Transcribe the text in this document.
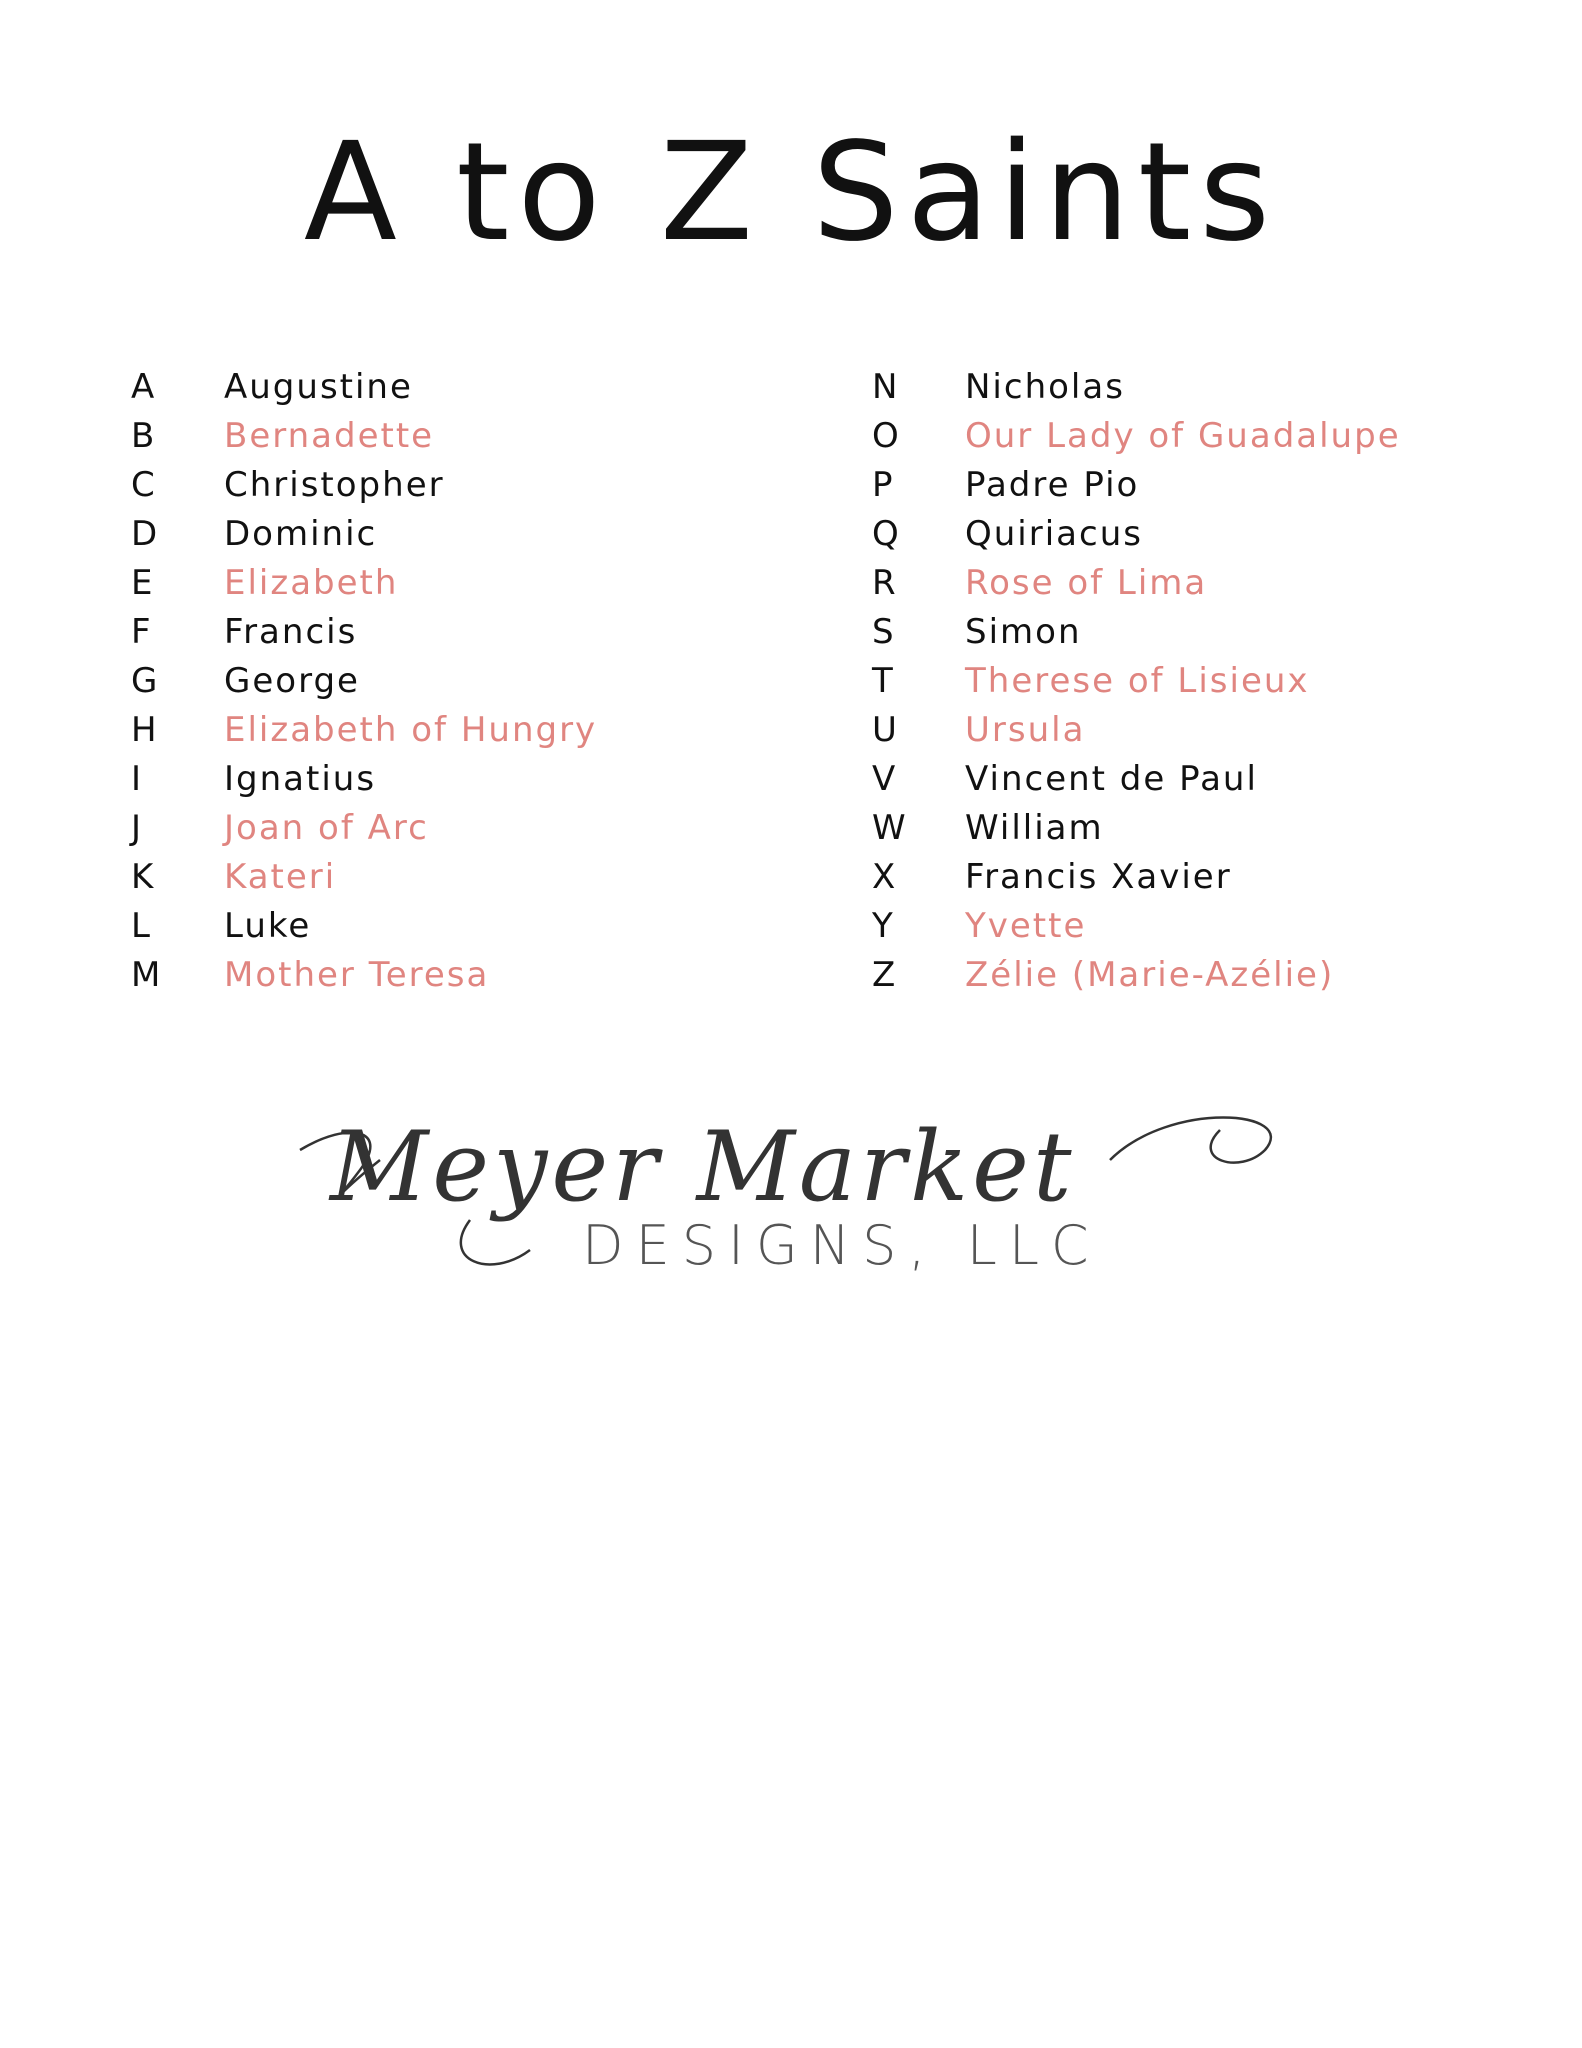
A to Z Saints
A	Augustine
B	Bernadette
C	Christopher
D	Dominic
E	Elizabeth
F	Francis
G	George
H	Elizabeth of Hungry
I	Ignatius
J	Joan of Arc
K	Kateri
L	Luke
M	Mother Teresa
N	Nicholas
O	Our Lady of Guadalupe
P	Padre Pio
Q	Quiriacus
R	Rose of Lima
S	Simon
T	Therese of Lisieux
U	Ursula
V	Vincent de Paul
W	William
X	Francis Xavier
Y	Yvette
Z	Zélie (Marie-Azélie)
Meyer Market
DESIGNS, LLC
